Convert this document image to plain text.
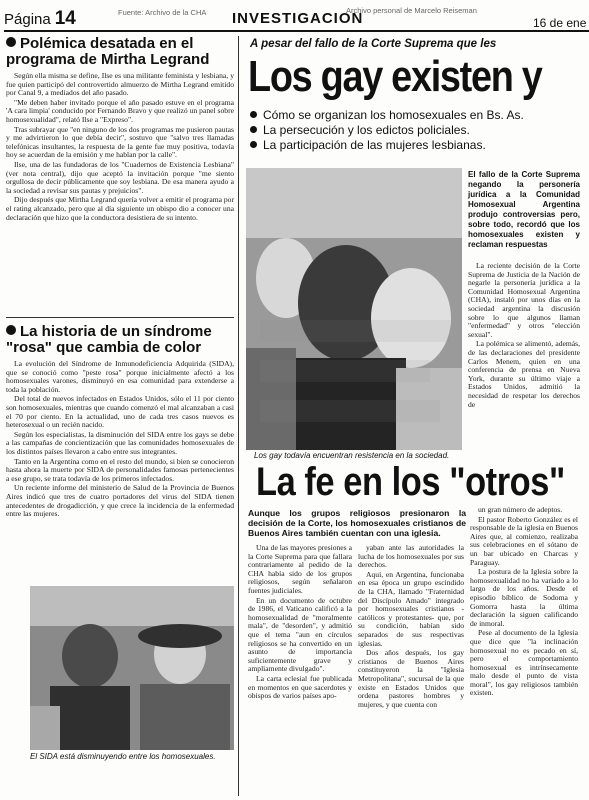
Página 14	Fuente: Archivo de la CHA INVESTIGACION
Archivo personal de Marcelo Reiseman
16 de ene
Polémica desatada en el programa de Mirtha Legrand

Según ella misma se define, Ilse es una militante feminista y lesbiana, y fue quien participó del controvertido almuerzo de Mirtha Legrand emitido por Canal 9, a mediados del año pasado.

"Me deben haber invitado porque el año pasado estuve en el programa 'A cara limpia' conducido por Fernando Bravo y que realizó un panel sobre homosexualidad", relató Ilse a "Expreso".

Tras subrayar que "en ninguno de los dos programas me pusieron pautas y me advirtieron lo que debía decir", sostuvo que "salvo tres llamadas telefónicas insultantes, la respuesta de la gente fue muy positiva, todavía hoy se acuerdan de la emisión y me hablan por la calle".

Ilse, una de las fundadoras de los "Cuadernos de Existencia Lesbiana" (ver nota central), dijo que aceptó la invitación porque "me siento orgullosa de decir públicamente que soy lesbiana. De esa manera ayudo a la sociedad a revisar sus pautas y prejuicios".

Dijo después que Mirtha Legrand quería volver a emitir el programa por el rating alcanzado, pero que al día siguiente un obispo dio a conocer una declaración que hizo que la conductora desistiera de su intento.

La historia de un síndrome "rosa" que cambia de color

La evolución del Síndrome de Inmunodeficiencia Adquirida (SIDA), que se conoció como "peste rosa" porque inicialmente afectó a los homosexuales varones, disminuyó en esa comunidad para extenderse a toda la población.

Del total de nuevos infectados en Estados Unidos, sólo el 11 por ciento son homosexuales, mientras que cuando comenzó el mal alcanzaban a casi el 70 por ciento. En la actualidad, uno de cada tres casos nuevos es heterosexual o un recién nacido.

Según los especialistas, la disminución del SIDA entre los gays se debe a las campañas de concientización que las comunidades homosexuales de los distintos países llevaron a cabo entre sus integrantes.

Tanto en la Argentina como en el resto del mundo, si bien se conocieron hasta ahora la muerte por SIDA de personalidades famosas pertenecientes a ese grupo, se trata todavía de los primeros infectados.

Un reciente informe del ministerio de Salud de la Provincia de Buenos Aires indicó que tres de cuatro portadores del virus del SIDA tienen antecedentes de drogadicción, y que crece la incidencia de la enfermedad entre las mujeres.

El SIDA está disminuyendo entre los homosexuales.
A pesar del fallo de la Corte Suprema que les
Los gay existen y
Cómo se organizan los homosexuales en Bs. As.
La persecución y los edictos policiales.
La participación de las mujeres lesbianas.
Los gay todavía encuentran resistencia en la sociedad.
El fallo de la Corte Suprema negando la personería jurídica a la Comunidad Homosexual Argentina produjo controversias pero, sobre todo, recordó que los homosexuales existen y reclaman respuestas

La reciente decisión de la Corte Suprema de Justicia de la Nación de negarle la personería jurídica a la Comunidad Homosexual Argentina (CHA), instaló por unos días en la sociedad argentina la discusión sobre lo que algunos llaman "enfermedad" y otros "elección sexual".

La polémica se alimentó, además, de las declaraciones del presidente Carlos Menem, quien en una conferencia de prensa en Nueva York, durante su último viaje a Estados Unidos, admitió la necesidad de respetar los derechos de

La fe en los "otros"
Aunque los grupos religiosos presionaron la decisión de la Corte, los homosexuales cristianos de Buenos Aires también cuentan con una iglesia.

Una de las mayores presiones a la Corte Suprema para que fallara contrariamente al pedido de la CHA había sido de los grupos religiosos, según señalaron fuentes judiciales.

En un documento de octubre de 1986, el Vaticano calificó a la homosexualidad de "moralmente mala", de "desorden", y admitió que el tema "aun en círculos religiosos se ha convertido en un asunto de importancia suficientemente grave y ampliamente divulgado".

La carta eclesial fue publicada en momentos en que sacerdotes y obispos de varios países apo-

yaban ante las autoridades la lucha de los homosexuales por sus derechos.

Aquí, en Argentina, funcionaba en esa época un grupo escindido de la CHA, llamado "Fraternidad del Discípulo Amado" integrado por homosexuales cristianos -católicos y protestantes- que, por su condición, habían sido separados de sus respectivas iglesias.

Dos años después, los gay cristianos de Buenos Aires constituyeron la "Iglesia Metropolitana", sucursal de la que existe en Estados Unidos que ordena pastores hombres y mujeres, y que cuenta con

un gran número de adeptos.

El pastor Roberto González es el responsable de la iglesia en Buenos Aires que, al comienzo, realizaba sus celebraciones en el sótano de un bar ubicado en Charcas y Paraguay.

La postura de la Iglesia sobre la homosexualidad no ha variado a lo largo de los años. Desde el episodio bíblico de Sodoma y Gomorra hasta la última declaración la siguen calificando de inmoral.

Pese al documento de la Iglesia que dice que "la inclinación homosexual no es pecado en sí, pero el comportamiento homosexual es intrínsecamente malo desde el punto de vista moral", los gay religiosos también existen.
